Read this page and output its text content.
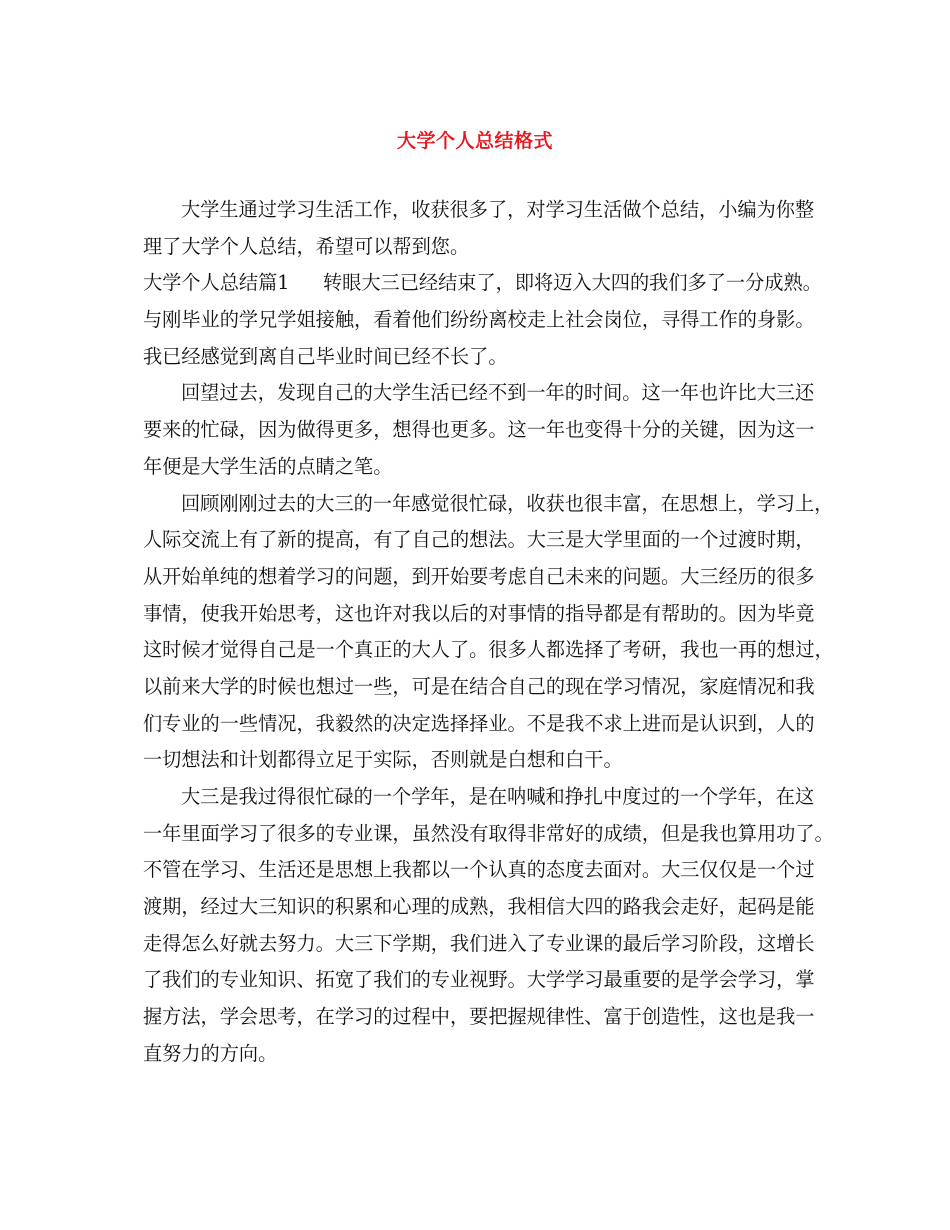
大学个人总结格式
大学生通过学习生活工作，收获很多了，对学习生活做个总结，小编为你整
理了大学个人总结，希望可以帮到您。
大学个人总结篇1 转眼大三已经结束了，即将迈入大四的我们多了一分成熟。
与刚毕业的学兄学姐接触，看着他们纷纷离校走上社会岗位，寻得工作的身影。
我已经感觉到离自己毕业时间已经不长了。
回望过去，发现自己的大学生活已经不到一年的时间。这一年也许比大三还
要来的忙碌，因为做得更多，想得也更多。这一年也变得十分的关键，因为这一
年便是大学生活的点睛之笔。
回顾刚刚过去的大三的一年感觉很忙碌，收获也很丰富，在思想上，学习上，
人际交流上有了新的提高，有了自己的想法。大三是大学里面的一个过渡时期，
从开始单纯的想着学习的问题，到开始要考虑自己未来的问题。大三经历的很多
事情，使我开始思考，这也许对我以后的对事情的指导都是有帮助的。因为毕竟
这时候才觉得自己是一个真正的大人了。很多人都选择了考研，我也一再的想过，
以前来大学的时候也想过一些，可是在结合自己的现在学习情况，家庭情况和我
们专业的一些情况，我毅然的决定选择择业。不是我不求上进而是认识到，人的
一切想法和计划都得立足于实际，否则就是白想和白干。
大三是我过得很忙碌的一个学年，是在呐喊和挣扎中度过的一个学年，在这
一年里面学习了很多的专业课，虽然没有取得非常好的成绩，但是我也算用功了。
不管在学习、生活还是思想上我都以一个认真的态度去面对。大三仅仅是一个过
渡期，经过大三知识的积累和心理的成熟，我相信大四的路我会走好，起码是能
走得怎么好就去努力。大三下学期，我们进入了专业课的最后学习阶段，这增长
了我们的专业知识、拓宽了我们的专业视野。大学学习最重要的是学会学习，掌
握方法，学会思考，在学习的过程中，要把握规律性、富于创造性，这也是我一
直努力的方向。
